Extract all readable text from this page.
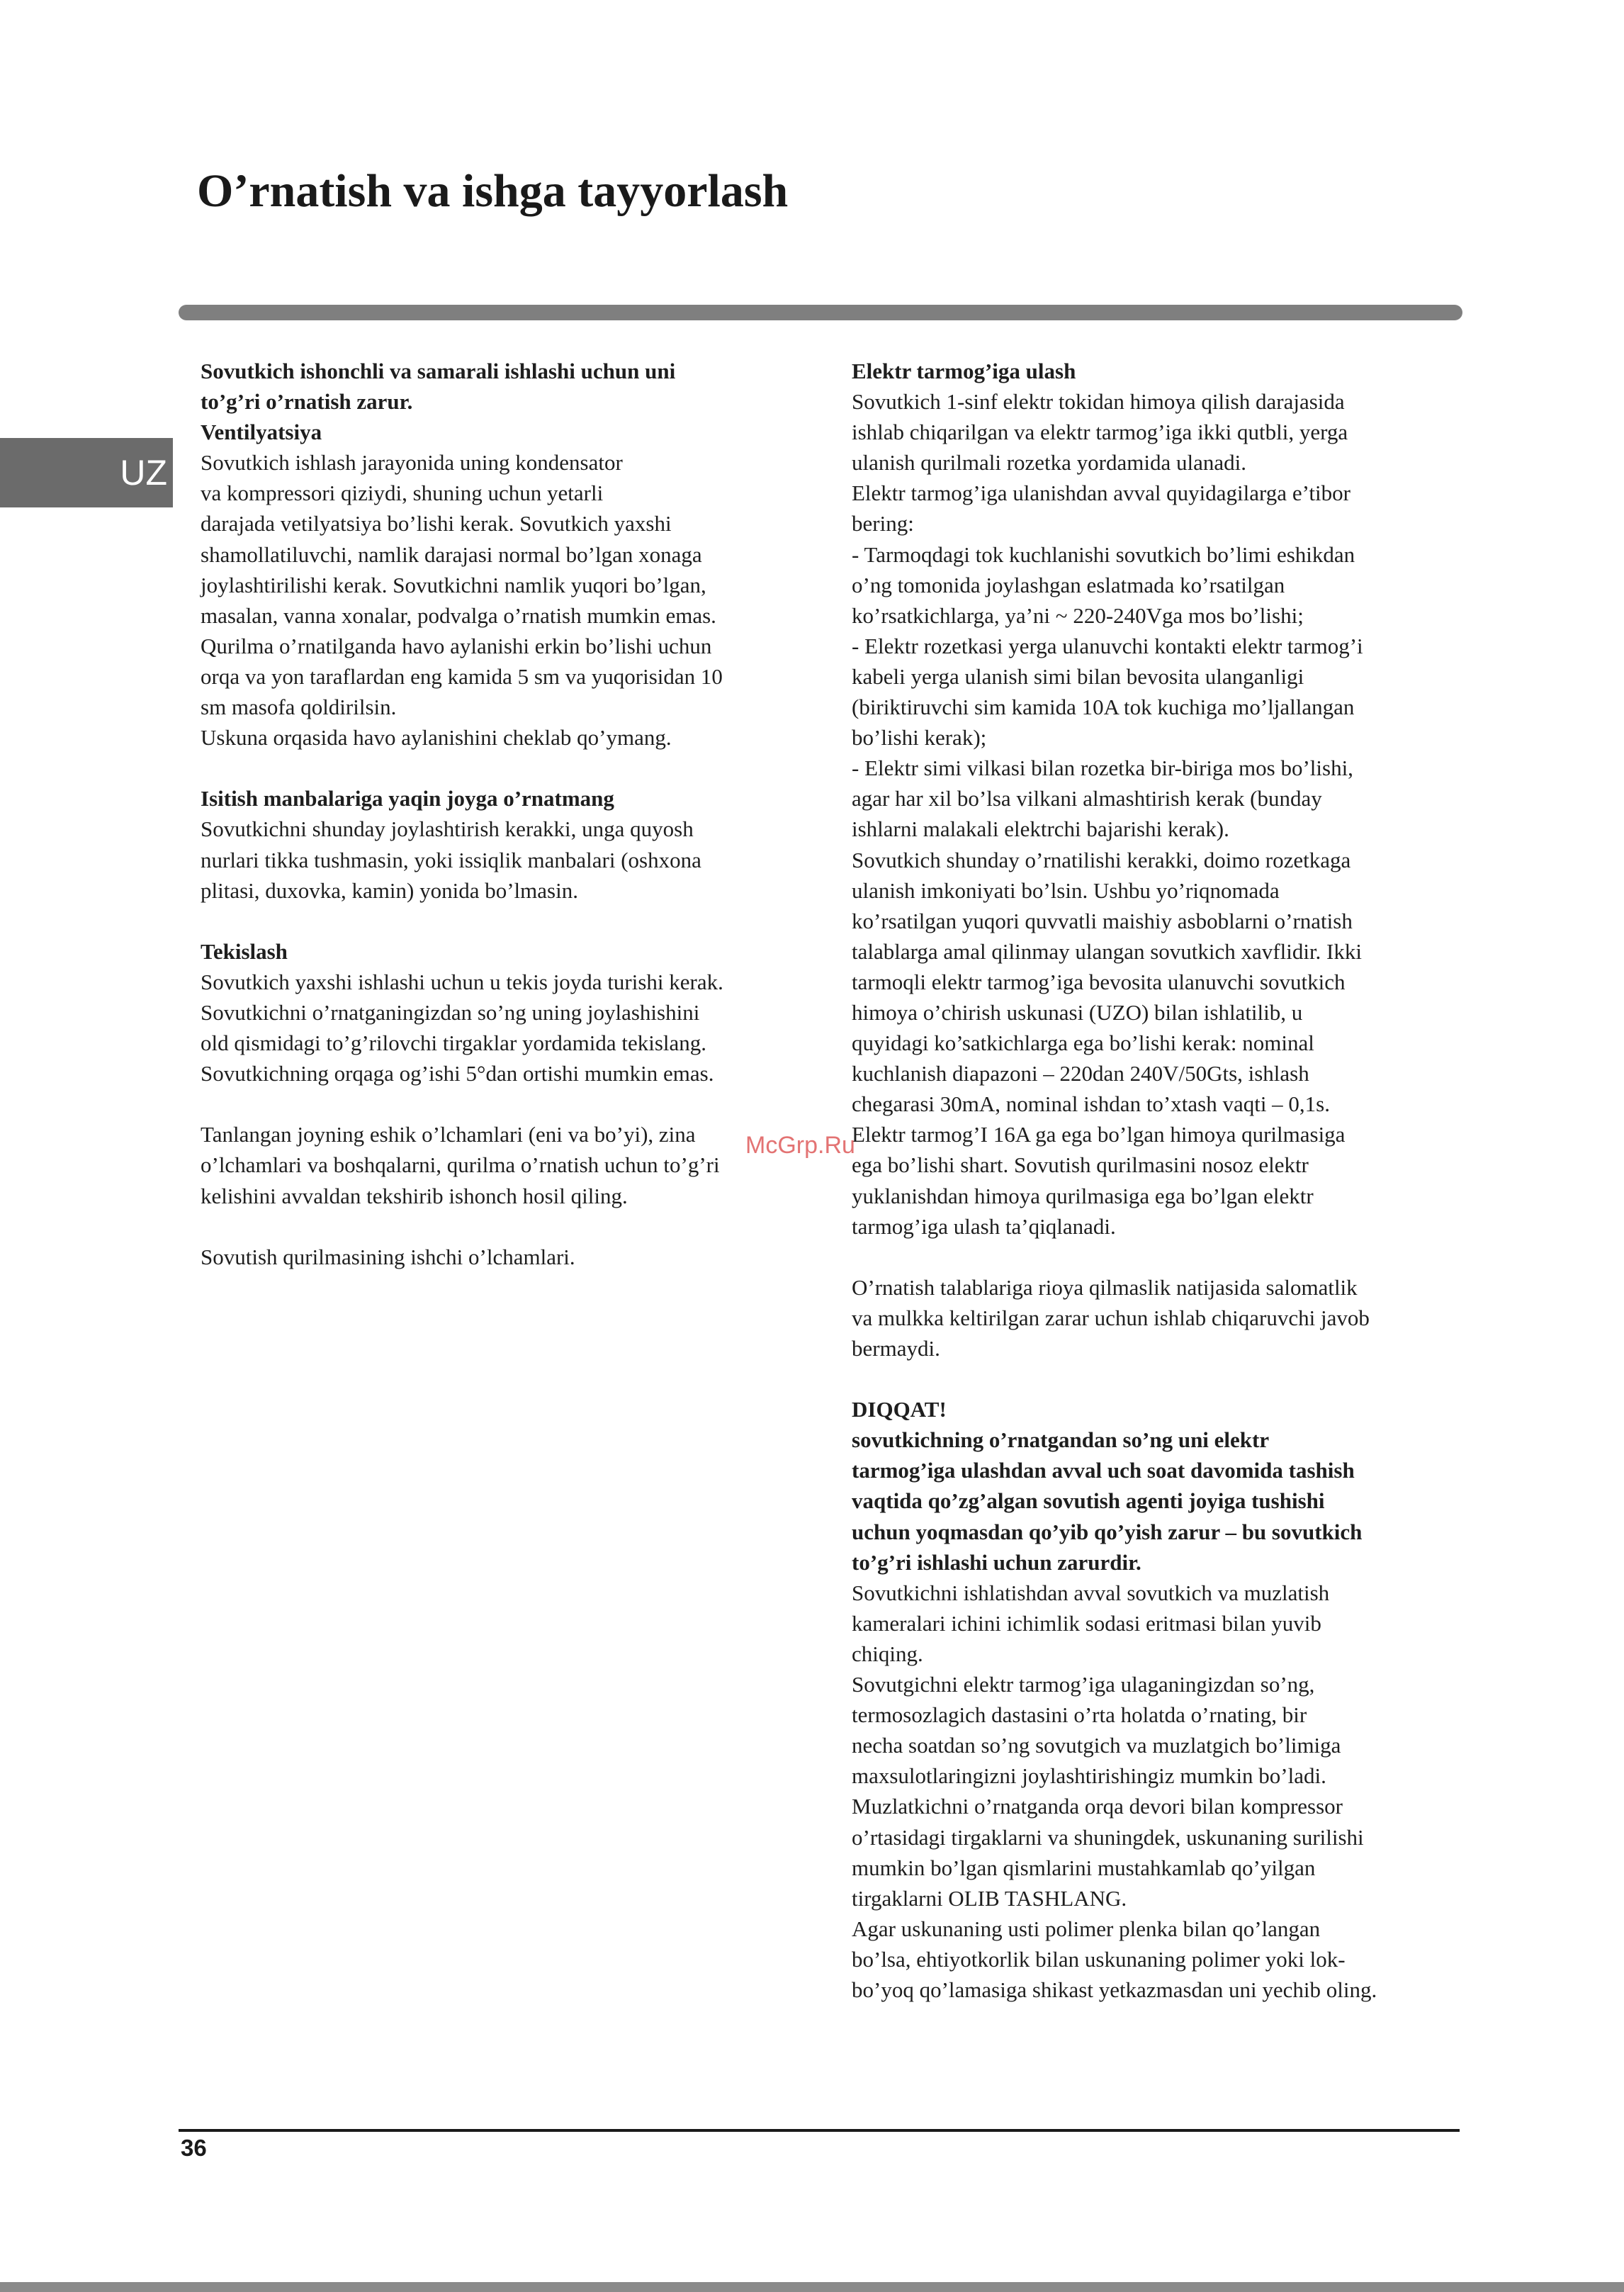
O’rnatish va ishga tayyorlash
UZ

Sovutkich ishonchli va samarali ishlashi uchun uni

to’g’ri o’rnatish zarur.

Ventilyatsiya

Sovutkich ishlash jarayonida uning kondensator

va kompressori qiziydi, shuning uchun yetarli

darajada vetilyatsiya bo’lishi kerak. Sovutkich yaxshi

shamollatiluvchi, namlik darajasi normal bo’lgan xonaga

joylashtirilishi kerak. Sovutkichni namlik yuqori bo’lgan,

masalan, vanna xonalar, podvalga o’rnatish mumkin emas.

Qurilma o’rnatilganda havo aylanishi erkin bo’lishi uchun

orqa va yon taraflardan eng kamida 5 sm va yuqorisidan 10

sm masofa qoldirilsin.

Uskuna orqasida havo aylanishini cheklab qo’ymang.

Isitish manbalariga yaqin joyga o’rnatmang

Sovutkichni shunday joylashtirish kerakki, unga quyosh

nurlari tikka tushmasin, yoki issiqlik manbalari (oshxona

plitasi, duxovka, kamin) yonida bo’lmasin.

Tekislash

Sovutkich yaxshi ishlashi uchun u tekis joyda turishi kerak.

Sovutkichni o’rnatganingizdan so’ng uning joylashishini

old qismidagi to’g’rilovchi tirgaklar yordamida tekislang.

Sovutkichning orqaga og’ishi 5°dan ortishi mumkin emas.

Tanlangan joyning eshik o’lchamlari (eni va bo’yi), zina

o’lchamlari va boshqalarni, qurilma o’rnatish uchun to’g’ri

kelishini avvaldan tekshirib ishonch hosil qiling.

Sovutish qurilmasining ishchi o’lchamlari.

Elektr tarmog’iga ulash

Sovutkich 1-sinf elektr tokidan himoya qilish darajasida

ishlab chiqarilgan va elektr tarmog’iga ikki qutbli, yerga

ulanish qurilmali rozetka yordamida ulanadi.

Elektr tarmog’iga ulanishdan avval quyidagilarga e’tibor

bering:

- Tarmoqdagi tok kuchlanishi sovutkich bo’limi eshikdan

o’ng tomonida joylashgan eslatmada ko’rsatilgan

ko’rsatkichlarga, ya’ni ~ 220-240Vga mos bo’lishi;

- Elektr rozetkasi yerga ulanuvchi kontakti elektr tarmog’i

kabeli yerga ulanish simi bilan bevosita ulanganligi

(biriktiruvchi sim kamida 10A tok kuchiga mo’ljallangan

bo’lishi kerak);

- Elektr simi vilkasi bilan rozetka bir-biriga mos bo’lishi,

agar har xil bo’lsa vilkani almashtirish kerak (bunday

ishlarni malakali elektrchi bajarishi kerak).

Sovutkich shunday o’rnatilishi kerakki, doimo rozetkaga

ulanish imkoniyati bo’lsin. Ushbu yo’riqnomada

ko’rsatilgan yuqori quvvatli maishiy asboblarni o’rnatish

talablarga amal qilinmay ulangan sovutkich xavflidir. Ikki

tarmoqli elektr tarmog’iga bevosita ulanuvchi sovutkich

himoya o’chirish uskunasi (UZO) bilan ishlatilib, u

quyidagi ko’satkichlarga ega bo’lishi kerak: nominal

kuchlanish diapazoni – 220dan 240V/50Gts, ishlash

chegarasi 30mA, nominal ishdan to’xtash vaqti – 0,1s.

Elektr tarmog’I 16A ga ega bo’lgan himoya qurilmasiga

ega bo’lishi shart. Sovutish qurilmasini nosoz elektr

yuklanishdan himoya qurilmasiga ega bo’lgan elektr

tarmog’iga ulash ta’qiqlanadi.

O’rnatish talablariga rioya qilmaslik natijasida salomatlik

va mulkka keltirilgan zarar uchun ishlab chiqaruvchi javob

bermaydi.

DIQQAT!

sovutkichning o’rnatgandan so’ng uni elektr

tarmog’iga ulashdan avval uch soat davomida tashish

vaqtida qo’zg’algan sovutish agenti joyiga tushishi

uchun yoqmasdan qo’yib qo’yish zarur – bu sovutkich

to’g’ri ishlashi uchun zarurdir.

Sovutkichni ishlatishdan avval sovutkich va muzlatish

kameralari ichini ichimlik sodasi eritmasi bilan yuvib

chiqing.

Sovutgichni elektr tarmog’iga ulaganingizdan so’ng,

termosozlagich dastasini o’rta holatda o’rnating, bir

necha soatdan so’ng sovutgich va muzlatgich bo’limiga

maxsulotlaringizni joylashtirishingiz mumkin bo’ladi.

Muzlatkichni o’rnatganda orqa devori bilan kompressor

o’rtasidagi tirgaklarni va shuningdek, uskunaning surilishi

mumkin bo’lgan qismlarini mustahkamlab qo’yilgan

tirgaklarni OLIB TASHLANG.

Agar uskunaning usti polimer plenka bilan qo’langan

bo’lsa, ehtiyotkorlik bilan uskunaning polimer yoki lok-

bo’yoq qo’lamasiga shikast yetkazmasdan uni yechib oling.

McGrp.Ru
36
